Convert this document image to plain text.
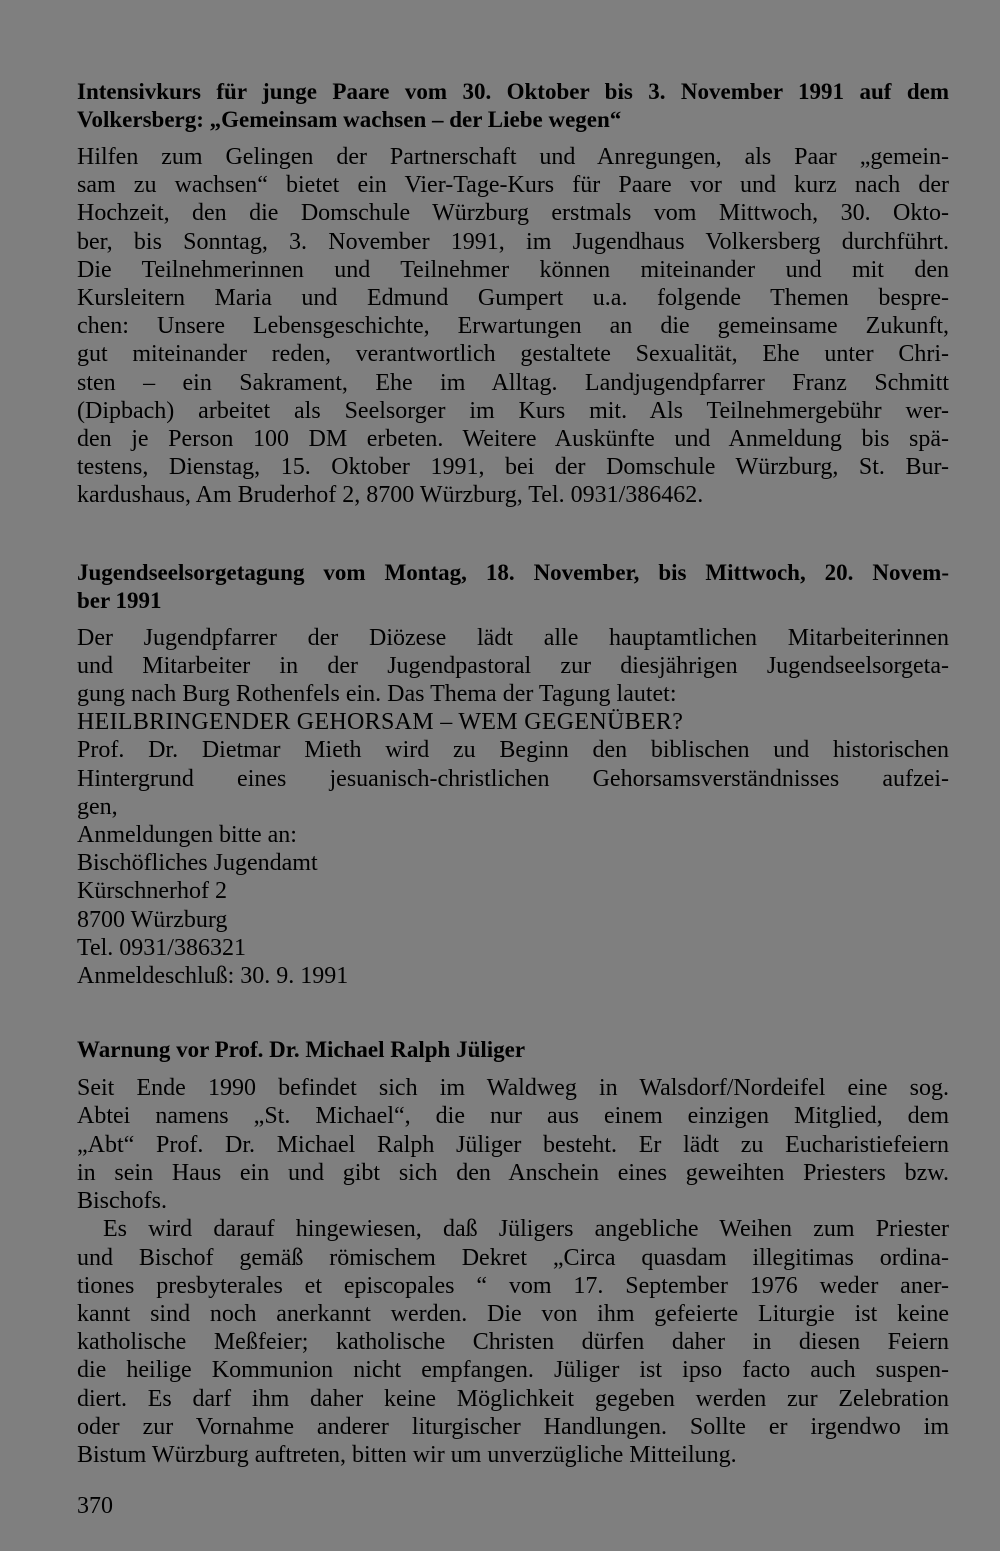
Intensivkurs für junge Paare vom 30. Oktober bis 3. November 1991 auf dem
Volkersberg: „Gemeinsam wachsen – der Liebe wegen“
Hilfen zum Gelingen der Partnerschaft und Anregungen, als Paar „gemein-
sam zu wachsen“ bietet ein Vier-Tage-Kurs für Paare vor und kurz nach der
Hochzeit, den die Domschule Würzburg erstmals vom Mittwoch, 30. Okto-
ber, bis Sonntag, 3. November 1991, im Jugendhaus Volkersberg durchführt.
Die Teilnehmerinnen und Teilnehmer können miteinander und mit den
Kursleitern Maria und Edmund Gumpert u.a. folgende Themen bespre-
chen: Unsere Lebensgeschichte, Erwartungen an die gemeinsame Zukunft,
gut miteinander reden, verantwortlich gestaltete Sexualität, Ehe unter Chri-
sten – ein Sakrament, Ehe im Alltag. Landjugendpfarrer Franz Schmitt
(Dipbach) arbeitet als Seelsorger im Kurs mit. Als Teilnehmergebühr wer-
den je Person 100 DM erbeten. Weitere Auskünfte und Anmeldung bis spä-
testens, Dienstag, 15. Oktober 1991, bei der Domschule Würzburg, St. Bur-
kardushaus, Am Bruderhof 2, 8700 Würzburg, Tel. 0931/386462.
Jugendseelsorgetagung vom Montag, 18. November, bis Mittwoch, 20. Novem-
ber 1991
Der Jugendpfarrer der Diözese lädt alle hauptamtlichen Mitarbeiterinnen
und Mitarbeiter in der Jugendpastoral zur diesjährigen Jugendseelsorgeta-
gung nach Burg Rothenfels ein. Das Thema der Tagung lautet:
HEILBRINGENDER GEHORSAM – WEM GEGENÜBER?
Prof. Dr. Dietmar Mieth wird zu Beginn den biblischen und historischen
Hintergrund eines jesuanisch-christlichen Gehorsamsverständnisses aufzei-
gen,
Anmeldungen bitte an:
Bischöfliches Jugendamt
Kürschnerhof 2
8700 Würzburg
Tel. 0931/386321
Anmeldeschluß: 30. 9. 1991
Warnung vor Prof. Dr. Michael Ralph Jüliger
Seit Ende 1990 befindet sich im Waldweg in Walsdorf/Nordeifel eine sog.
Abtei namens „St. Michael“, die nur aus einem einzigen Mitglied, dem
„Abt“ Prof. Dr. Michael Ralph Jüliger besteht. Er lädt zu Eucharistiefeiern
in sein Haus ein und gibt sich den Anschein eines geweihten Priesters bzw.
Bischofs.
Es wird darauf hingewiesen, daß Jüligers angebliche Weihen zum Priester
und Bischof gemäß römischem Dekret „Circa quasdam illegitimas ordina-
tiones presbyterales et episcopales “ vom 17. September 1976 weder aner-
kannt sind noch anerkannt werden. Die von ihm gefeierte Liturgie ist keine
katholische Meßfeier; katholische Christen dürfen daher in diesen Feiern
die heilige Kommunion nicht empfangen. Jüliger ist ipso facto auch suspen-
diert. Es darf ihm daher keine Möglichkeit gegeben werden zur Zelebration
oder zur Vornahme anderer liturgischer Handlungen. Sollte er irgendwo im
Bistum Würzburg auftreten, bitten wir um unverzügliche Mitteilung.
370
